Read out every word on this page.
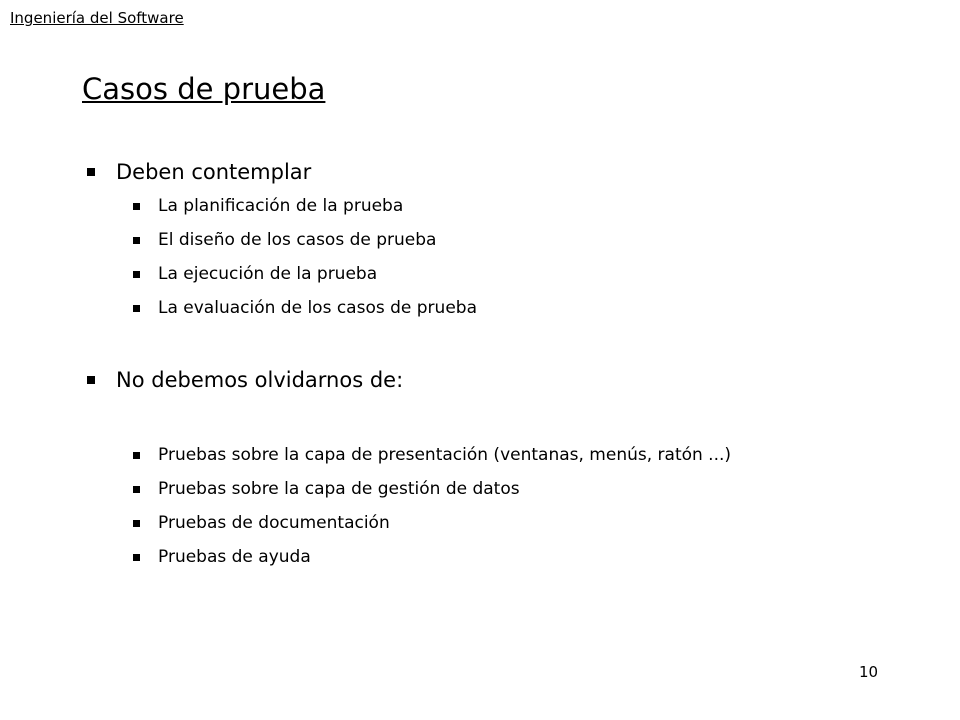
Ingeniería del Software
Casos de prueba
Deben contemplar
La planificación de la prueba
El diseño de los casos de prueba
La ejecución de la prueba
La evaluación de los casos de prueba
No debemos olvidarnos de:
Pruebas sobre la capa de presentación (ventanas, menús, ratón ...)
Pruebas sobre la capa de gestión de datos
Pruebas de documentación
Pruebas de ayuda
10
